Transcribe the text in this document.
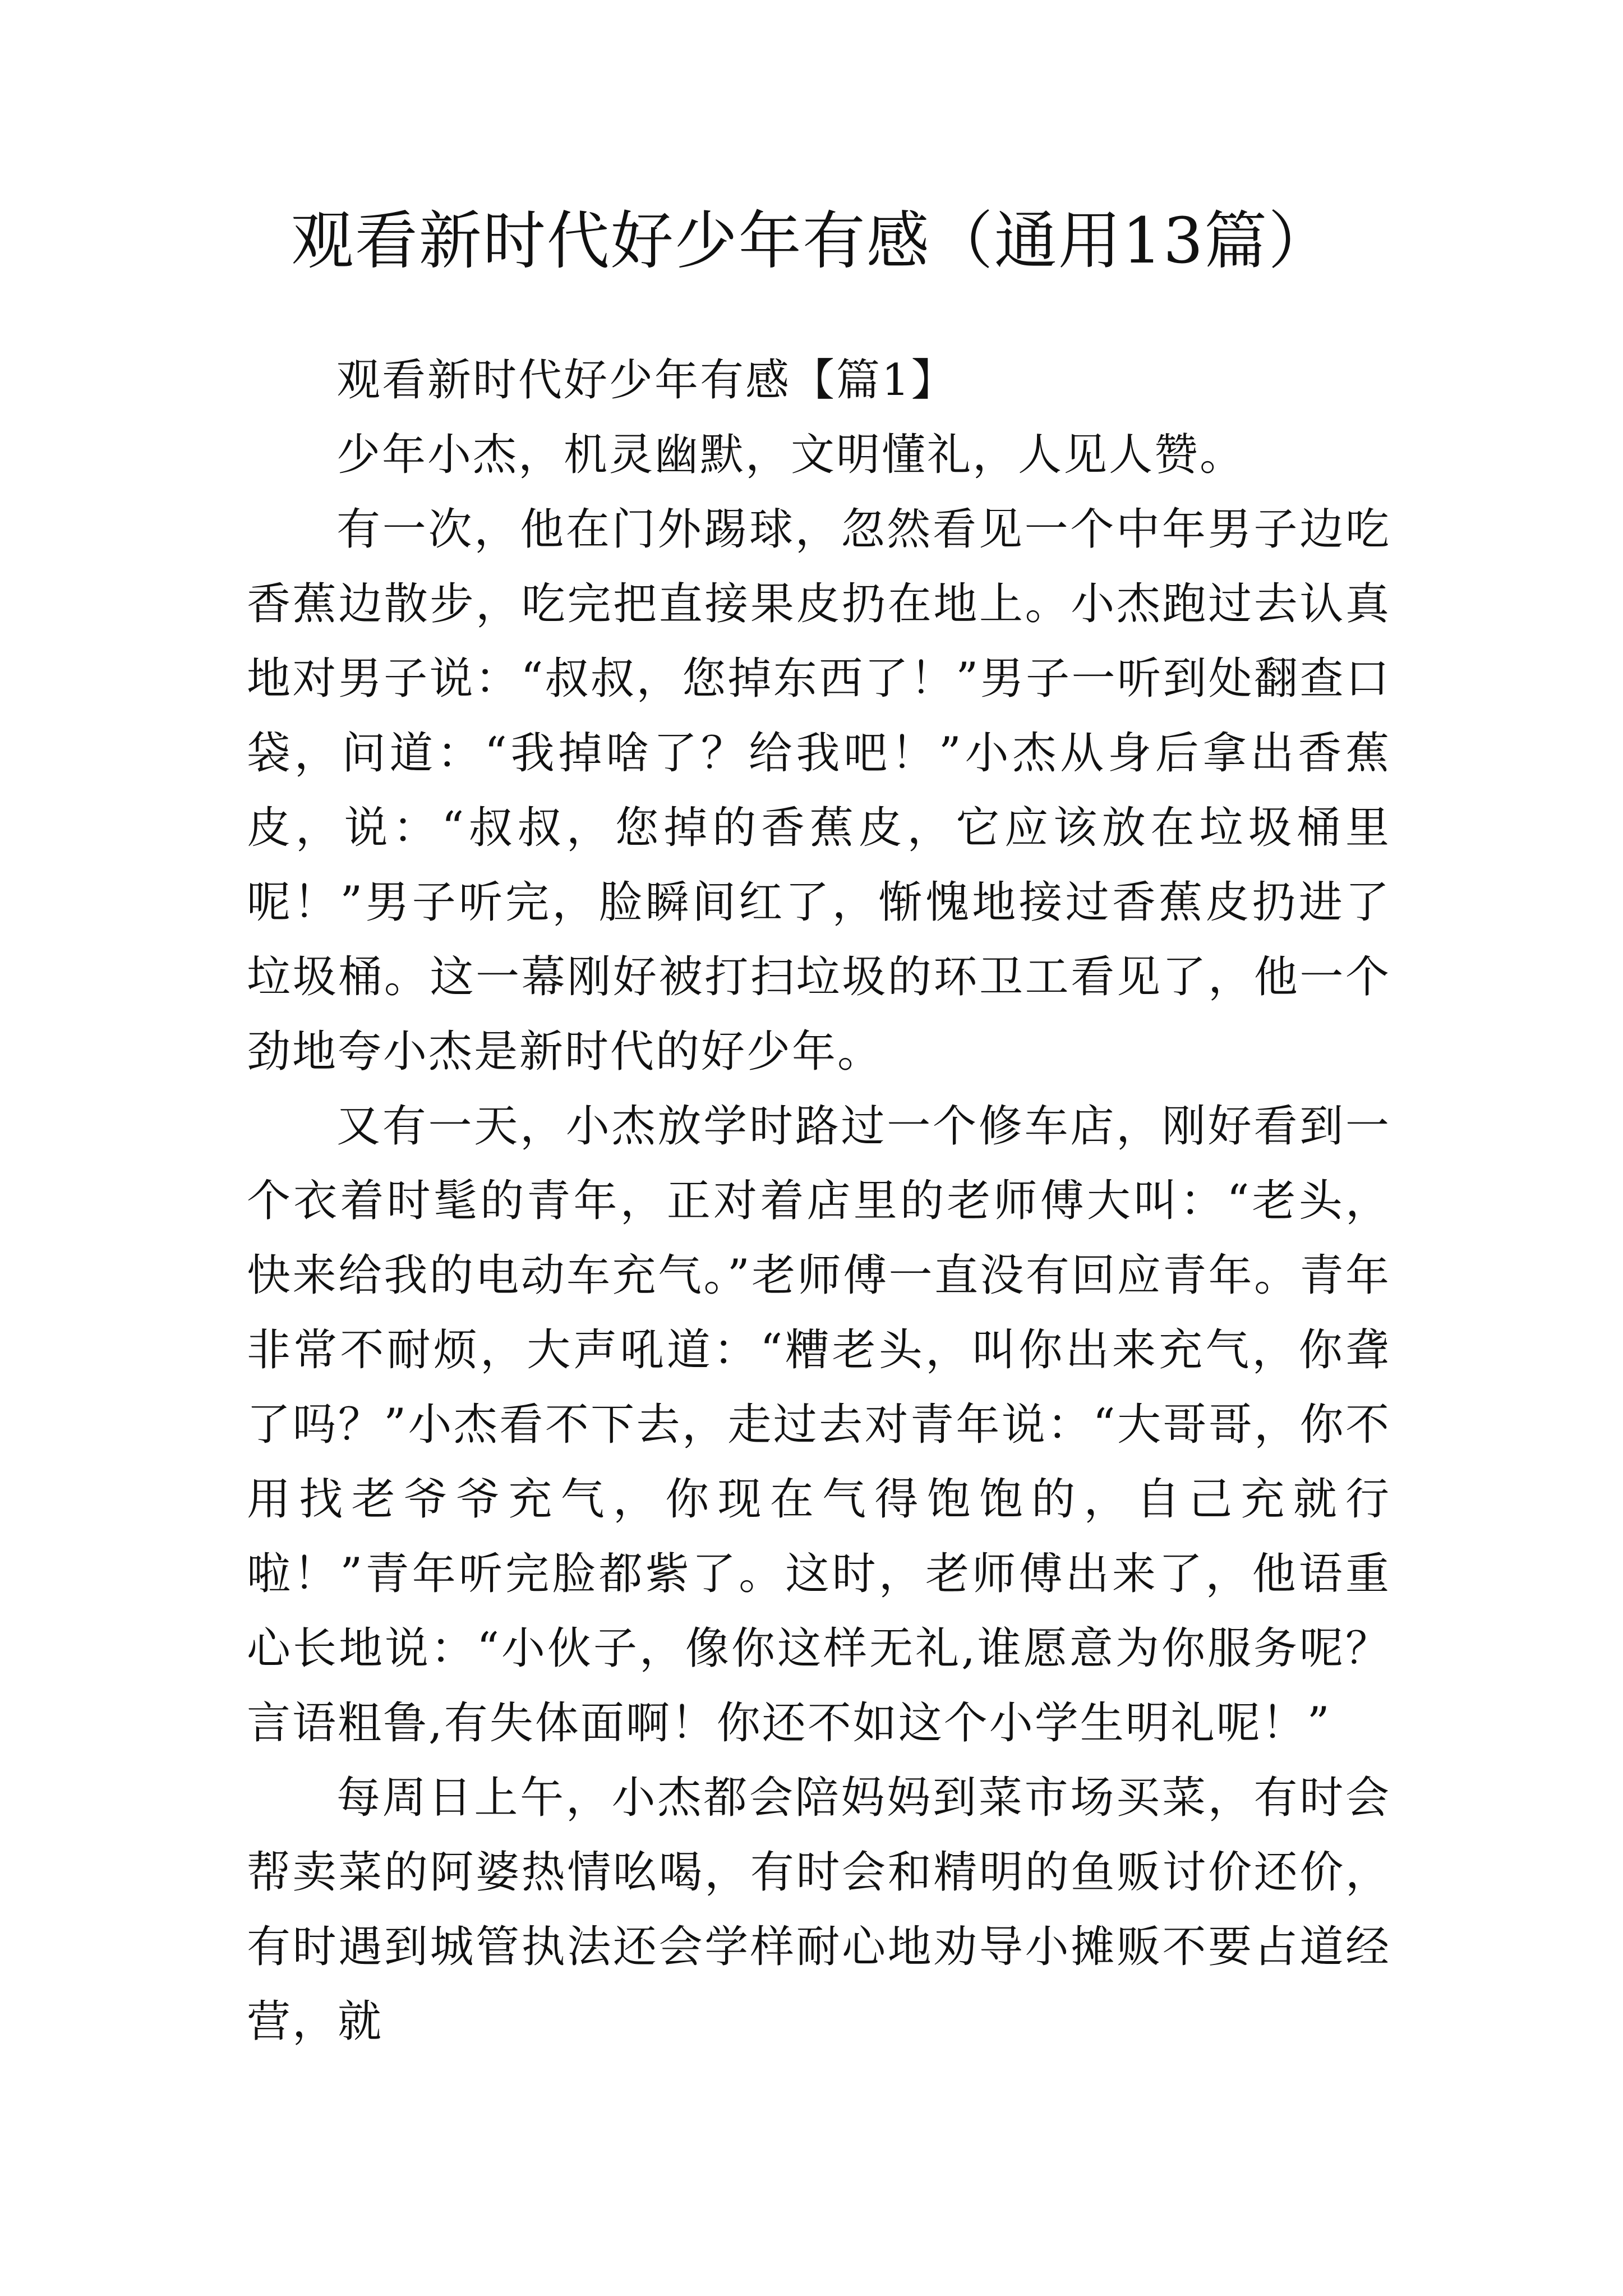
观看新时代好少年有感（通用13篇）

观看新时代好少年有感【篇1】

少年小杰，机灵幽默，文明懂礼，人见人赞。

有一次，他在门外踢球，忽然看见一个中年男子边吃香蕉边散步，吃完把直接果皮扔在地上。小杰跑过去认真地对男子说：“叔叔，您掉东西了！”男子一听到处翻查口袋，问道：“我掉啥了？给我吧！”小杰从身后拿出香蕉皮，说：“叔叔，您掉的香蕉皮，它应该放在垃圾桶里呢！”男子听完，脸瞬间红了，惭愧地接过香蕉皮扔进了垃圾桶。这一幕刚好被打扫垃圾的环卫工看见了，他一个劲地夸小杰是新时代的好少年。

又有一天，小杰放学时路过一个修车店，刚好看到一个衣着时髦的青年，正对着店里的老师傅大叫：“老头，快来给我的电动车充气。”老师傅一直没有回应青年。青年非常不耐烦，大声吼道：“糟老头，叫你出来充气，你聋了吗？”小杰看不下去，走过去对青年说：“大哥哥，你不用找老爷爷充气，你现在气得饱饱的，自己充就行啦！”青年听完脸都紫了。这时，老师傅出来了，他语重心长地说：“小伙子，像你这样无礼,谁愿意为你服务呢？言语粗鲁,有失体面啊！你还不如这个小学生明礼呢！”

每周日上午，小杰都会陪妈妈到菜市场买菜，有时会帮卖菜的阿婆热情吆喝，有时会和精明的鱼贩讨价还价，有时遇到城管执法还会学样耐心地劝导小摊贩不要占道经营，就
